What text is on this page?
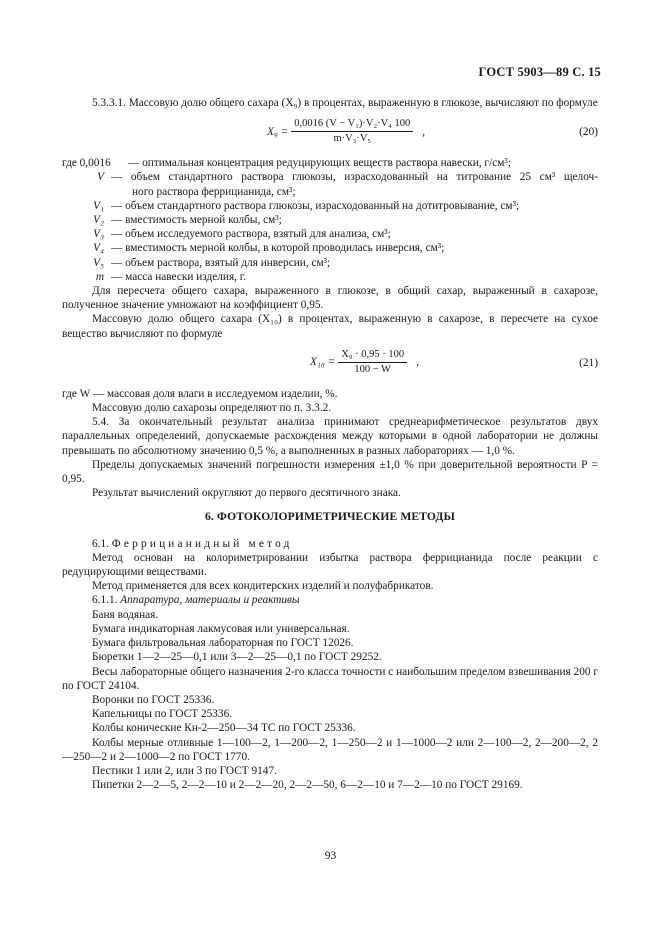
ГОСТ 5903—89 С. 15

5.3.3.1. Массовую долю общего сахара (X₉) в процентах, выраженную в глюкозе, вычисляют по формуле

$X_9 = \frac{\text{0,0016 (V − V₁)·V₂·V₄ 100}}{\text{m·V₃·V₅}}$ ,	(20)
где 0,0016	— оптимальная концентрация редуцирующих веществ раствора навески, г/см³;
V — объем стандартного раствора глюкозы, израсходованный на титрование 25 см³ щелоч-
ного раствора феррицианида, см³;
V₁ — объем стандартного раствора глюкозы, израсходованный на дотитровывание, см³;
V₂ — вместимость мерной колбы, см³;
V₃ — объем исследуемого раствора, взятый для анализа, см³;
V₄ — вместимость мерной колбы, в которой проводилась инверсия, см³;
V₅ — объем раствора, взятый для инверсии, см³;
m — масса навески изделия, г.

Для пересчета общего сахара, выраженного в глюкозе, в общий сахар, выраженный в сахарозе, полученное значение умножают на коэффициент 0,95.

Массовую долю общего сахара (X₁₀) в процентах, выраженную в сахарозе, в пересчете на сухое вещество вычисляют по формуле

$X_{10} = \frac{\text{X₉ · 0,95 · 100}}{100 - W}$ ,	(21)

где W — массовая доля влаги в исследуемом изделии, %.

Массовую долю сахарозы определяют по п. 3.3.2.

5.4. За окончательный результат анализа принимают среднеарифметическое результатов двух параллельных определений, допускаемые расхождения между которыми в одной лаборатории не должны превышать по абсолютному значению 0,5 %, а выполненных в разных лабораториях — 1,0 %.

Пределы допускаемых значений погрешности измерения ±1,0 % при доверительной вероятности P = 0,95.

Результат вычислений округляют до первого десятичного знака.

6. ФОТОКОЛОРИМЕТРИЧЕСКИЕ МЕТОДЫ

6.1. Феррицианидный метод

Метод основан на колориметрировании избытка раствора феррицианида после реакции с редуцирующими веществами.

Метод применяется для всех кондитерских изделий и полуфабрикатов.

6.1.1. Аппаратура, материалы и реактивы

Баня водяная.

Бумага индикаторная лакмусовая или универсальная.

Бумага фильтровальная лабораторная по ГОСТ 12026.

Бюретки 1—2—25—0,1 или 3—2—25—0,1 по ГОСТ 29252.

Весы лабораторные общего назначения 2-го класса точности с наибольшим пределом взвешивания 200 г по ГОСТ 24104.

Воронки по ГОСТ 25336.

Капельницы по ГОСТ 25336.

Колбы конические Кн-2—250—34 ТС по ГОСТ 25336.

Колбы мерные отливные 1—100—2, 1—200—2, 1—250—2 и 1—1000—2 или 2—100—2, 2—200—2, 2—250—2 и 2—1000—2 по ГОСТ 1770.

Пестики 1 или 2, или 3 по ГОСТ 9147.

Пипетки 2—2—5, 2—2—10 и 2—2—20, 2—2—50, 6—2—10 и 7—2—10 по ГОСТ 29169.

93
